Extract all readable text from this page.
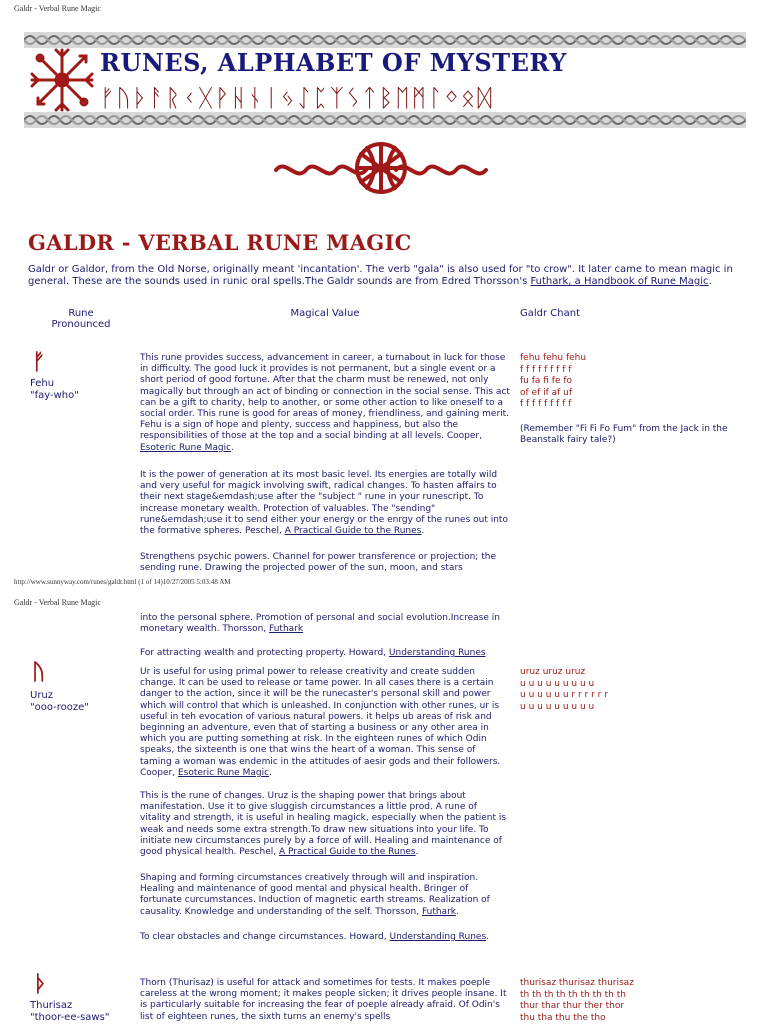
Galdr - Verbal Rune Magic
RUNES, ALPHABET OF MYSTERY
ᚠᚢᚦᚨᚱᚲᚷᚹᚺᚾᛁᛃᛇᛈᛉᛊᛏᛒᛖᛗᛚᛜᛟᛞ
GALDR - VERBAL RUNE MAGIC
Galdr or Galdor, from the Old Norse, originally meant 'incantation'. The verb "gala" is also used for "to crow". It later came to mean magic in general. These are the sounds used in runic oral spells.The Galdr sounds are from Edred Thorsson's Futhark, a Handbook of Rune Magic.
Rune
Pronounced
Magical Value	Galdr Chant
ᚠ
Fehu
"fay-who"

This rune provides success, advancement in career, a turnabout in luck for those in difficulty. The good luck it provides is not permanent, but a single event or a short period of good fortune. After that the charm must be renewed, not only magically but through an act of binding or connection in the social sense. This act can be a gift to charity, help to another, or some other action to like oneself to a social order. This rune is good for areas of money, friendliness, and gaining merit. Fehu is a sign of hope and plenty, success and happiness, but also the responsibilities of those at the top and a social binding at all levels. Cooper, Esoteric Rune Magic.

It is the power of generation at its most basic level. Its energies are totally wild and very useful for magick involving swift, radical changes. To hasten affairs to their next stage&emdash;use after the "subject " rune in your runescript. To increase monetary wealth. Protection of valuables. The "sending" rune&emdash;use it to send either your energy or the enrgy of the runes out into the formative spheres. Peschel, A Practical Guide to the Runes.

Strengthens psychic powers. Channel for power transference or projection; the sending rune. Drawing the projected power of the sun, moon, and stars

fehu fehu fehu
f f f f f f f f f
fu fa fi fe fo
of ef if af uf
f f f f f f f f f

(Remember "Fi Fi Fo Fum" from the Jack in the Beanstalk fairy tale?)

http://www.sunnyway.com/runes/galdr.html (1 of 14)10/27/2005 5:03:48 AM
Galdr - Verbal Rune Magic

into the personal sphere. Promotion of personal and social evolution.Increase in monetary wealth. Thorsson, Futhark

For attracting wealth and protecting property. Howard, Understanding Runes

ᚢ
Uruz
"ooo-rooze"

Ur is useful for using primal power to release creativity and create sudden change. It can be used to release or tame power. In all cases there is a certain danger to the action, since it will be the runecaster's personal skill and power which will control that which is unleashed. In conjunction with other runes, ur is useful in teh evocation of various natural powers. it helps ub areas of risk and beginning an adventure, even that of starting a business or any other area in which you are putting something at risk. In the eighteen runes of which Odin speaks, the sixteenth is one that wins the heart of a woman. This sense of taming a woman was endemic in the attitudes of aesir gods and their followers. Cooper, Esoteric Rune Magic.

This is the rune of changes. Uruz is the shaping power that brings about manifestation. Use it to give sluggish circumstances a little prod. A rune of vitality and strength, it is useful in healing magick, especially when the patient is weak and needs some extra strength.To draw new situations into your life. To initiate new circumstances purely by a force of will. Healing and maintenance of good physical health. Peschel, A Practical Guide to the Runes.

Shaping and forming circumstances creatively through will and inspiration. Healing and maintenance of good mental and physical health. Bringer of fortunate curcumstances. Induction of magnetic earth streams. Realization of causality. Knowledge and understanding of the self. Thorsson, Futhark.

To clear obstacles and change circumstances. Howard, Understanding Runes.

uruz uruz uruz
u u u u u u u u u
u u u u u u r r r r r r
u u u u u u u u u
ᚦ
Thurisaz
"thoor-ee-saws"

Thorn (Thurisaz) is useful for attack and sometimes for tests. It makes poeple careless at the wrong moment; it makes people sicken; it drives people insane. It is particularly suitable for increasing the fear of poeple already afraid. Of Odin's list of eighteen runes, the sixth turns an enemy's spells

thurisaz thurisaz thurisaz
th th th th th th th th th
thur thar thur ther thor
thu tha thu the tho
